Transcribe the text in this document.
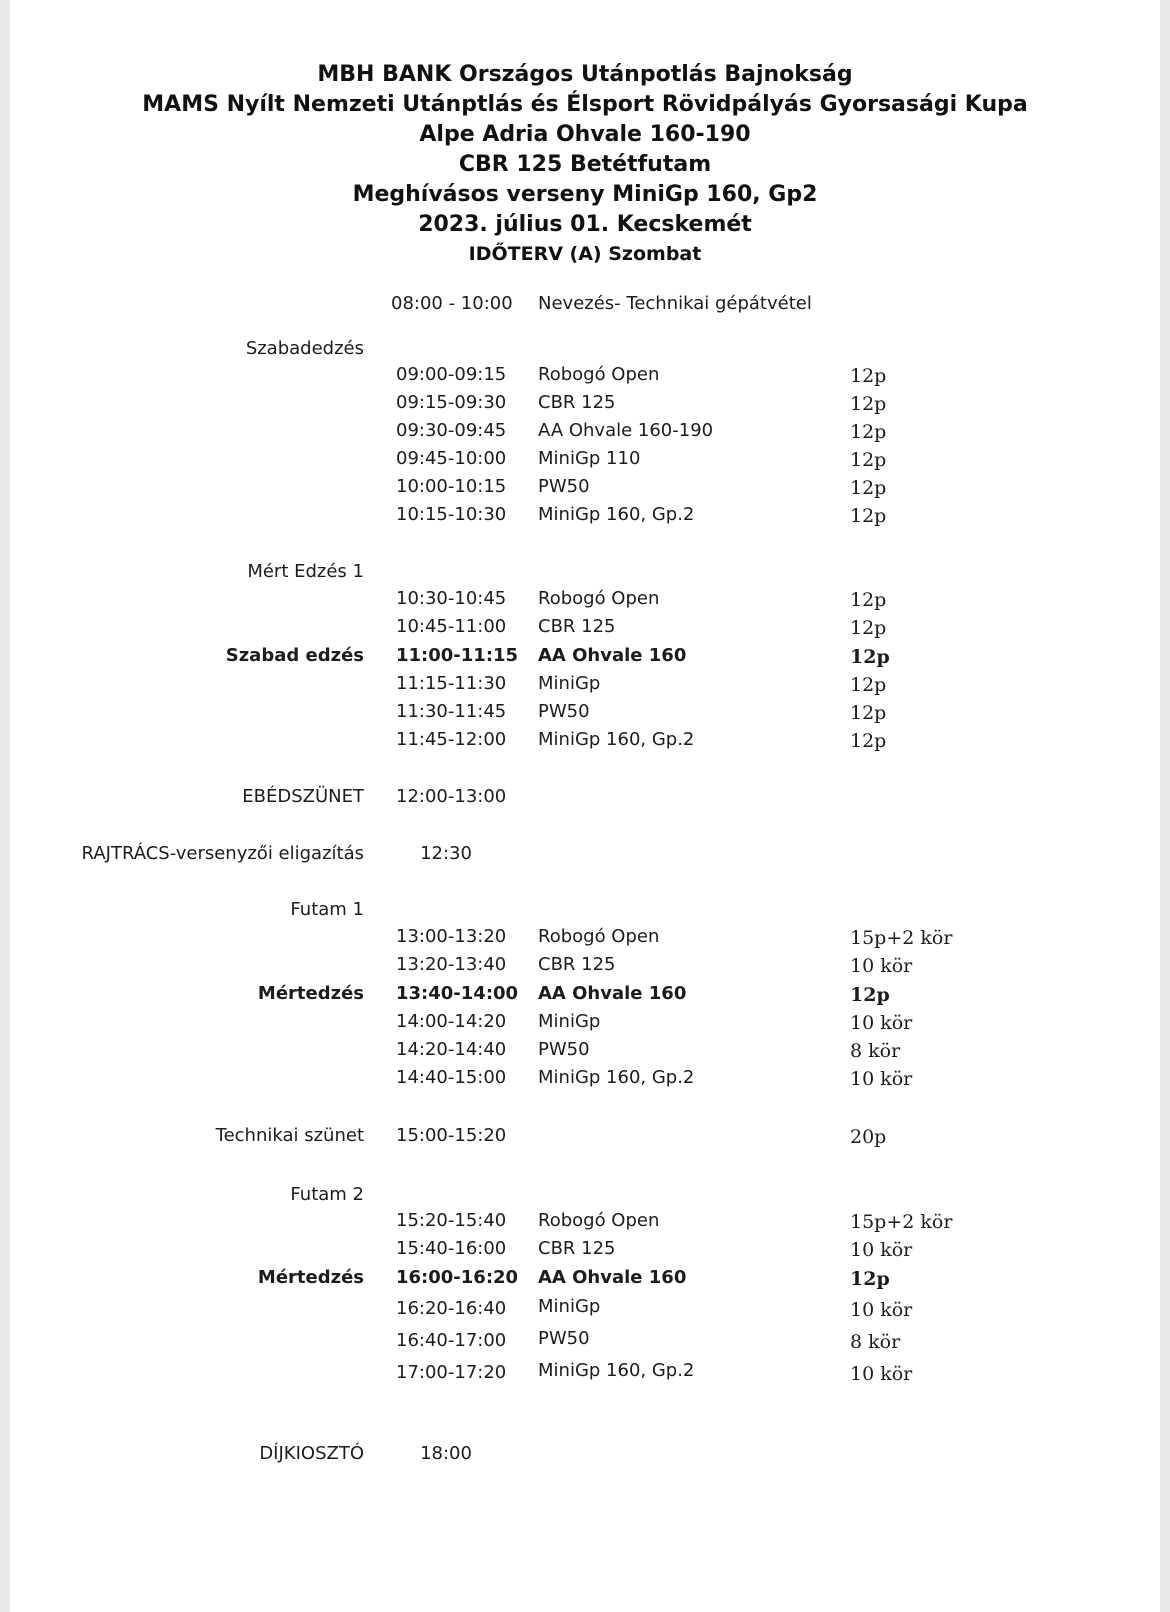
MBH BANK Országos Utánpotlás Bajnokság
MAMS Nyílt Nemzeti Utánptlás és Élsport Rövidpályás Gyorsasági Kupa
Alpe Adria Ohvale 160-190
CBR 125 Betétfutam
Meghívásos verseny MiniGp 160, Gp2
2023. július 01. Kecskemét
IDŐTERV (A) Szombat
08:00 - 10:00 Nevezés- Technikai gépátvétel
Szabadedzés
09:00-09:15 Robogó Open	12p
09:15-09:30 CBR 125	12p
09:30-09:45 AA Ohvale 160-190	12p
09:45-10:00 MiniGp 110	12p
10:00-10:15 PW50	12p
10:15-10:30 MiniGp 160, Gp.2	12p
Mért Edzés 1
10:30-10:45 Robogó Open	12p
10:45-11:00 CBR 125	12p
Szabad edzés 11:00-11:15 AA Ohvale 160	12p
11:15-11:30 MiniGp	12p
11:30-11:45 PW50	12p
11:45-12:00 MiniGp 160, Gp.2	12p
EBÉDSZÜNET 12:00-13:00
RAJTRÁCS-versenyzői eligazítás	12:30
Futam 1
13:00-13:20 Robogó Open	15p+2 kör
13:20-13:40 CBR 125	10 kör
Mértedzés 13:40-14:00 AA Ohvale 160	12p
14:00-14:20 MiniGp	10 kör
14:20-14:40 PW50	8 kör
14:40-15:00 MiniGp 160, Gp.2	10 kör
Technikai szünet 15:00-15:20	20p
Futam 2
15:20-15:40 Robogó Open	15p+2 kör
15:40-16:00 CBR 125	10 kör
Mértedzés 16:00-16:20 AA Ohvale 160	12p
16:20-16:40 MiniGp	10 kör
16:40-17:00 PW50	8 kör
17:00-17:20 MiniGp 160, Gp.2	10 kör
DÍJKIOSZTÓ	18:00
